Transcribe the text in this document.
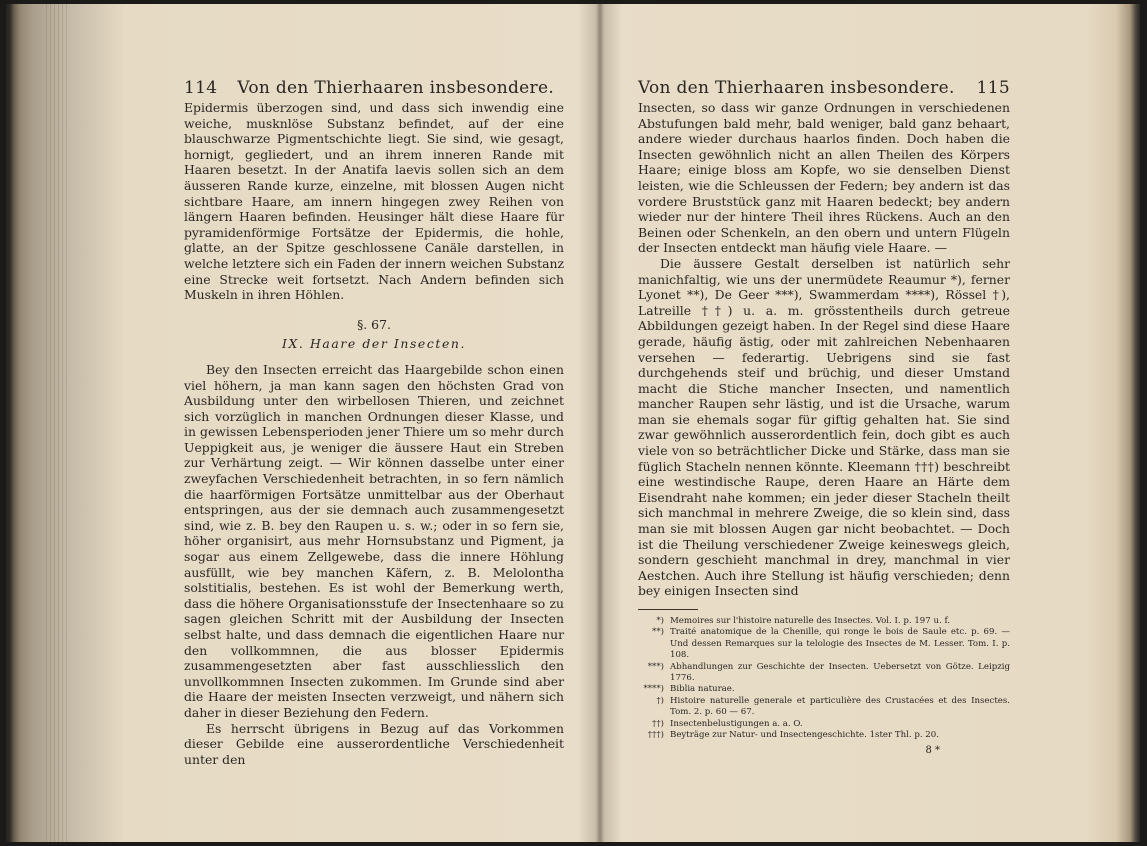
114 Von den Thierhaaren insbesondere.

Epidermis überzogen sind, und dass sich inwendig eine weiche, musknlöse Substanz befindet, auf der eine blauschwarze Pigmentschichte liegt. Sie sind, wie gesagt, hornigt, gegliedert, und an ihrem inneren Rande mit Haaren besetzt. In der Anatifa laevis sollen sich an dem äusseren Rande kurze, einzelne, mit blossen Augen nicht sichtbare Haare, am innern hingegen zwey Reihen von längern Haaren befinden. Heusinger hält diese Haare für pyramidenförmige Fortsätze der Epidermis, die hohle, glatte, an der Spitze geschlossene Canäle darstellen, in welche letztere sich ein Faden der innern weichen Substanz eine Strecke weit fortsetzt. Nach Andern befinden sich Muskeln in ihren Höhlen.

§. 67.
IX. Haare der Insecten.

Bey den Insecten erreicht das Haargebilde schon einen viel höhern, ja man kann sagen den höchsten Grad von Ausbildung unter den wirbellosen Thieren, und zeichnet sich vorzüglich in manchen Ordnungen dieser Klasse, und in gewissen Lebensperioden jener Thiere um so mehr durch Ueppigkeit aus, je weniger die äussere Haut ein Streben zur Verhärtung zeigt. — Wir können dasselbe unter einer zweyfachen Verschiedenheit betrachten, in so fern nämlich die haarförmigen Fortsätze unmittelbar aus der Oberhaut entspringen, aus der sie demnach auch zusammengesetzt sind, wie z. B. bey den Raupen u. s. w.; oder in so fern sie, höher organisirt, aus mehr Hornsubstanz und Pigment, ja sogar aus einem Zellgewebe, dass die innere Höhlung ausfüllt, wie bey manchen Käfern, z. B. Melolontha solstitialis, bestehen. Es ist wohl der Bemerkung werth, dass die höhere Organisationsstufe der Insectenhaare so zu sagen gleichen Schritt mit der Ausbildung der Insecten selbst halte, und dass demnach die eigentlichen Haare nur den vollkommnen, die aus blosser Epidermis zusammengesetzten aber fast ausschliesslich den unvollkommnen Insecten zukommen. Im Grunde sind aber die Haare der meisten Insecten verzweigt, und nähern sich daher in dieser Beziehung den Federn.

Es herrscht übrigens in Bezug auf das Vorkommen dieser Gebilde eine ausserordentliche Verschiedenheit unter den

Von den Thierhaaren insbesondere. 115

Insecten, so dass wir ganze Ordnungen in verschiedenen Abstufungen bald mehr, bald weniger, bald ganz behaart, andere wieder durchaus haarlos finden. Doch haben die Insecten gewöhnlich nicht an allen Theilen des Körpers Haare; einige bloss am Kopfe, wo sie denselben Dienst leisten, wie die Schleussen der Federn; bey andern ist das vordere Bruststück ganz mit Haaren bedeckt; bey andern wieder nur der hintere Theil ihres Rückens. Auch an den Beinen oder Schenkeln, an den obern und untern Flügeln der Insecten entdeckt man häufig viele Haare. —

Die äussere Gestalt derselben ist natürlich sehr manichfaltig, wie uns der unermüdete Reaumur *), ferner Lyonet **), De Geer ***), Swammerdam ****), Rössel †), Latreille ††) u. a. m. grösstentheils durch getreue Abbildungen gezeigt haben. In der Regel sind diese Haare gerade, häufig ästig, oder mit zahlreichen Nebenhaaren versehen — federartig. Uebrigens sind sie fast durchgehends steif und brüchig, und dieser Umstand macht die Stiche mancher Insecten, und namentlich mancher Raupen sehr lästig, und ist die Ursache, warum man sie ehemals sogar für giftig gehalten hat. Sie sind zwar gewöhnlich ausserordentlich fein, doch gibt es auch viele von so beträchtlicher Dicke und Stärke, dass man sie füglich Stacheln nennen könnte. Kleemann †††) beschreibt eine westindische Raupe, deren Haare an Härte dem Eisendraht nahe kommen; ein jeder dieser Stacheln theilt sich manchmal in mehrere Zweige, die so klein sind, dass man sie mit blossen Augen gar nicht beobachtet. — Doch ist die Theilung verschiedener Zweige keineswegs gleich, sondern geschieht manchmal in drey, manchmal in vier Aestchen. Auch ihre Stellung ist häufig verschieden; denn bey einigen Insecten sind

*) Memoires sur l'histoire naturelle des Insectes. Vol. I. p. 197 u. f.
**) Traité anatomique de la Chenille, qui ronge le bois de Saule etc. p. 69. — Und dessen Remarques sur la telologie des Insectes de M. Lesser. Tom. I. p. 108.
***) Abhandlungen zur Geschichte der Insecten. Uebersetzt von Götze. Leipzig 1776.
****) Biblia naturae.
†) Histoire naturelle generale et particulière des Crustacées et des Insectes. Tom. 2. p. 60 — 67.
††) Insectenbelustigungen a. a. O.
†††) Beyträge zur Natur- und Insectengeschichte. 1ster Thl. p. 20.
8 *
